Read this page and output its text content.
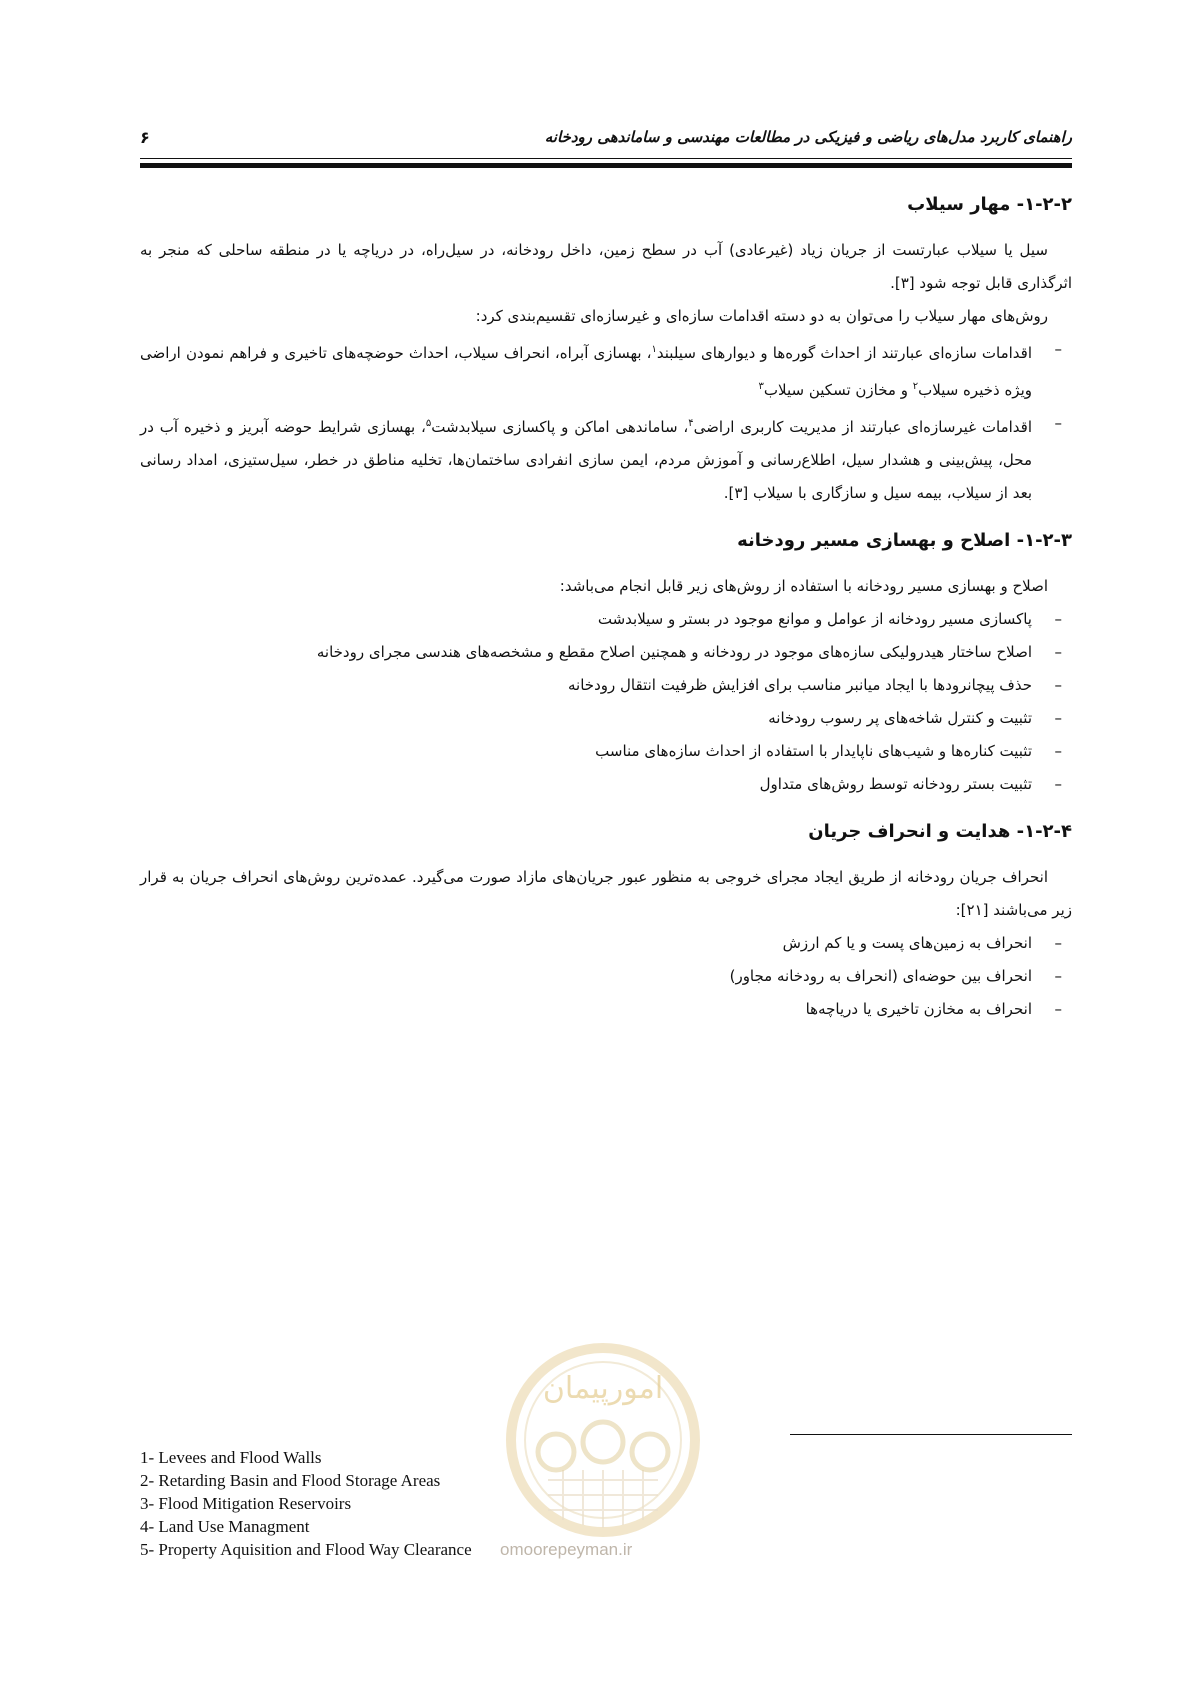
راهنمای کاربرد مدل‌های ریاضی و فیزیکی در مطالعات مهندسی و ساماندهی رودخانه
۶
۱-۲-۲- مهار سیلاب

سیل یا سیلاب عبارتست از جریان زیاد (غیرعادی) آب در سطح زمین، داخل رودخانه، در سیل‌راه، در دریاچه یا در منطقه ساحلی که منجر به اثرگذاری قابل توجه شود [۳].

روش‌های مهار سیلاب را می‌توان به دو دسته اقدامات سازه‌ای و غیرسازه‌ای تقسیم‌بندی کرد:

–
اقدامات سازه‌ای عبارتند از احداث گوره‌ها و دیوارهای سیلبند$^۱$، بهسازی آبراه، انحراف سیلاب، احداث حوضچه‌های تاخیری و فراهم نمودن اراضی ویژه ذخیره سیلاب$^۲$ و مخازن تسکین سیلاب$^۳$
–
اقدامات غیرسازه‌ای عبارتند از مدیریت کاربری اراضی$^۴$، ساماندهی اماکن و پاکسازی سیلابدشت$^۵$، بهسازی شرایط حوضه آبریز و ذخیره آب در محل، پیش‌بینی و هشدار سیل، اطلاع‌رسانی و آموزش مردم، ایمن سازی انفرادی ساختمان‌ها، تخلیه مناطق در خطر، سیل‌ستیزی، امداد رسانی بعد از سیلاب، بیمه سیل و سازگاری با سیلاب [۳].
۱-۲-۳- اصلاح و بهسازی مسیر رودخانه

اصلاح و بهسازی مسیر رودخانه با استفاده از روش‌های زیر قابل انجام می‌باشد:

–
پاکسازی مسیر رودخانه از عوامل و موانع موجود در بستر و سیلابدشت
–
اصلاح ساختار هیدرولیکی سازه‌های موجود در رودخانه و همچنین اصلاح مقطع و مشخصه‌های هندسی مجرای رودخانه
–
حذف پیچانرودها با ایجاد میانبر مناسب برای افزایش ظرفیت انتقال رودخانه
–
تثبیت و کنترل شاخه‌های پر رسوب رودخانه
–
تثبیت کناره‌ها و شیب‌های ناپایدار با استفاده از احداث سازه‌های مناسب
–
تثبیت بستر رودخانه توسط روش‌های متداول
۱-۲-۴- هدایت و انحراف جریان

انحراف جریان رودخانه از طریق ایجاد مجرای خروجی به منظور عبور جریان‌های مازاد صورت می‌گیرد. عمده‌ترین روش‌های انحراف جریان به قرار زیر می‌باشند [۲۱]:

–
انحراف به زمین‌های پست و یا کم ارزش
–
انحراف بین حوضه‌ای (انحراف به رودخانه مجاور)
–
انحراف به مخازن تاخیری یا دریاچه‌ها
امورپیمان
omoorepeyman.ir
1- Levees and Flood Walls
2- Retarding Basin and Flood Storage Areas
3- Flood Mitigation Reservoirs
4- Land Use Managment
5- Property Aquisition and Flood Way Clearance
